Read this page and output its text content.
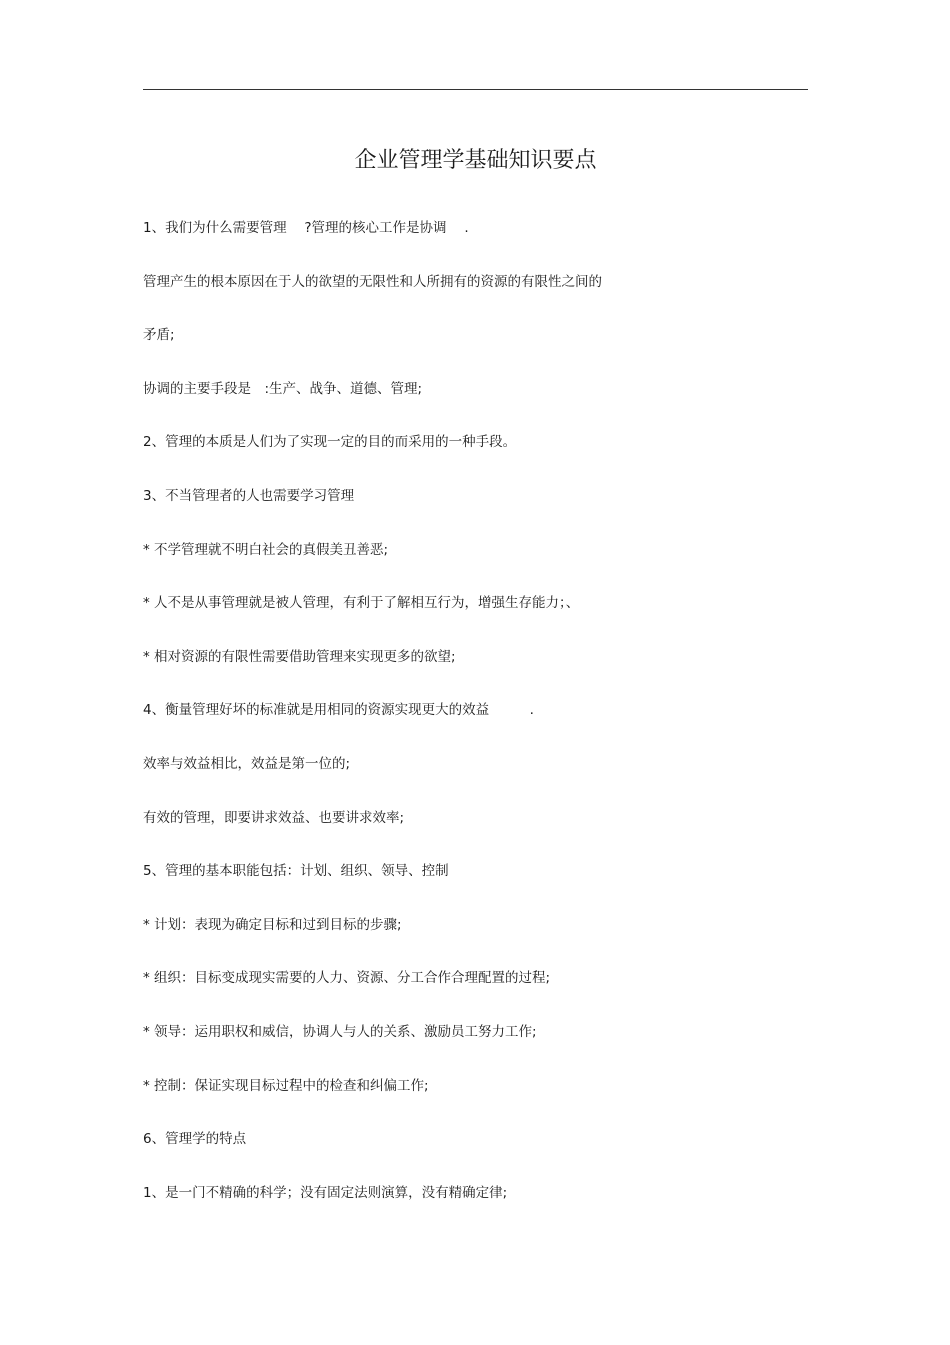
企业管理学基础知识要点
1、我们为什么需要管理　 ?管理的核心工作是协调　 .
管理产生的根本原因在于人的欲望的无限性和人所拥有的资源的有限性之间的
矛盾;
协调的主要手段是　:生产、战争、道德、管理;
2、管理的本质是人们为了实现一定的目的而采用的一种手段。
3、不当管理者的人也需要学习管理
* 不学管理就不明白社会的真假美丑善恶;
* 人不是从事管理就是被人管理，有利于了解相互行为，增强生存能力；、
* 相对资源的有限性需要借助管理来实现更多的欲望;
4、衡量管理好坏的标准就是用相同的资源实现更大的效益　　　.
效率与效益相比，效益是第一位的;
有效的管理，即要讲求效益、也要讲求效率;
5、管理的基本职能包括：计划、组织、领导、控制
* 计划：表现为确定目标和过到目标的步骤;
* 组织：目标变成现实需要的人力、资源、分工合作合理配置的过程;
* 领导：运用职权和威信，协调人与人的关系、激励员工努力工作;
* 控制：保证实现目标过程中的检查和纠偏工作;
6、管理学的特点
1、是一门不精确的科学；没有固定法则演算，没有精确定律;
